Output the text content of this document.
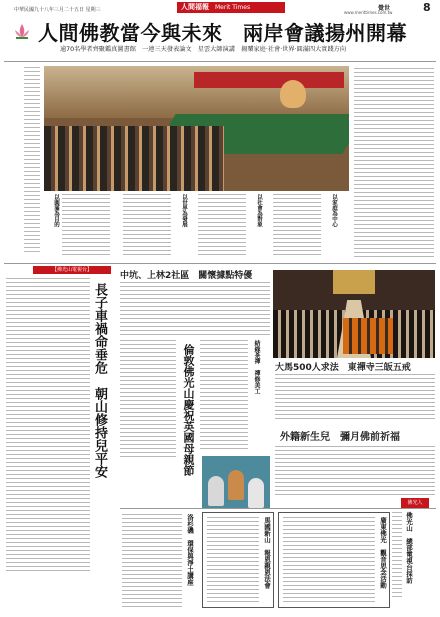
中華民國九十八年三月二十五日 星期三	人間福報 Merit Times	覺世	8
www.merittimes.com.tw
人間佛教當今與未來　兩岸會議揚州開幕
逾70名學者齊聚鑑真圖書館　一連三天發表論文　星雲大師演講　揭櫫家庭‧社會‧世界‧圓滿四大實踐方向
以圓滿為目的	以世界為發展	以社會為對象	以家庭為中心
【佛光山電視台】
長子車禍命垂危　朝山修持兒平安
中坑、上林2社區　關懷據點特優
倫敦佛光山慶祝英國母親節	結緣茶禪　禪修美工 大馬500人求法　東禪寺三皈五戒
外籍新生兒　彌月佛前祈福
洛杉磯　環保與淨土講座	馬國新山　報恩親恩法會	廣東佛光　觀音思念活動
佛光人
佛光山　總部電視台採訪
